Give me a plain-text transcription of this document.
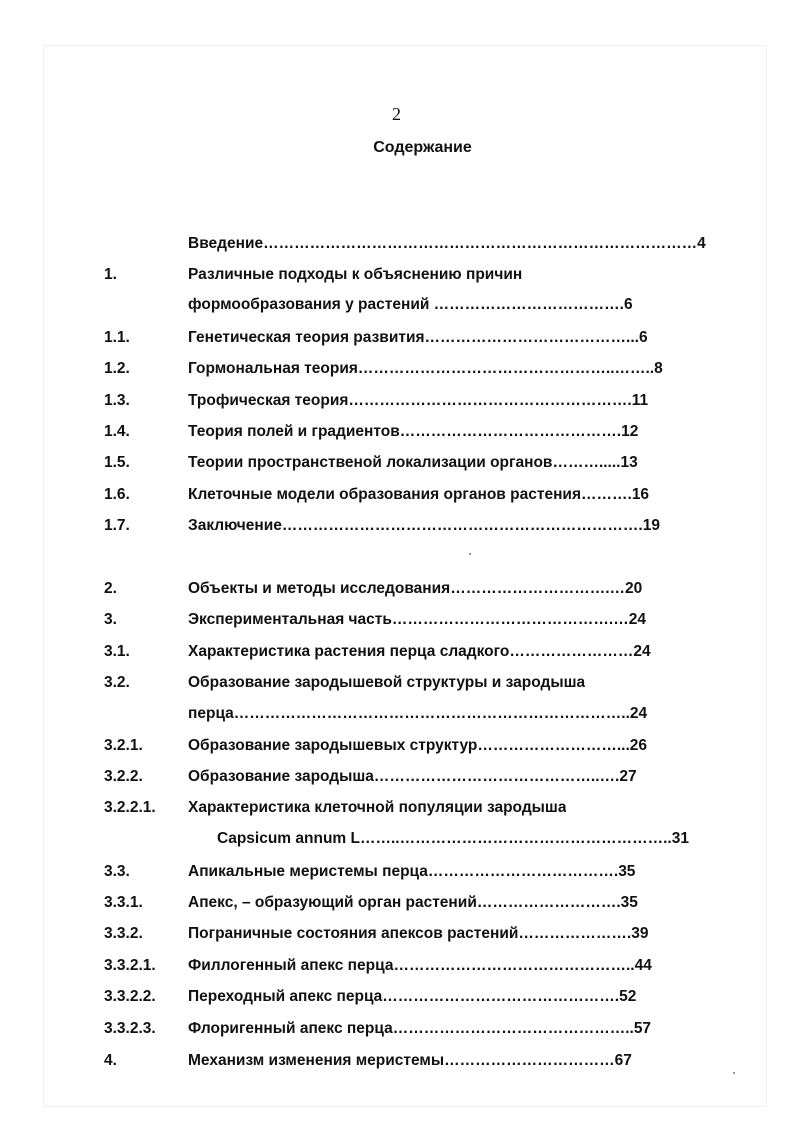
2
Содержание
Введение…………………………………………………………………………4
1.	Различные подходы к объяснению причин
формообразования у растений ……………………………….6
1.1.	Генетическая теория развития…………………………………...6
1.2.	Гормональная теория…………………………………………..……..8
1.3.	Трофическая теория……………………………………………….11
1.4.	Теория полей и градиентов…………………………………….12
1.5.	Теории пространственой локализации органов……….....13
1.6.	Клеточные модели образования органов растения……….16
1.7.	Заключение…………………………………………………………….19
2.	Объекты и методы исследования………………………….…20
3.	Экспериментальная часть…………………………………….…24
3.1.	Характеристика растения перца сладкого……………………24
3.2.	Образование зародышевой структуры и зародыша
перца…………………………………………………………………..24
3.2.1.	Образование зародышевых структур………………………...26
3.2.2.	Образование зародыша……………………………………..….27
3.2.2.1. Характеристика клеточной популяции зародыша
Capsicum annum L……..……………………………………………..31
3.3.	Апикальные меристемы перца……………………………….35
3.3.1.	Апекс, – образующий орган растений……………………….35
3.3.2.	Пограничные состояния апексов растений………………….39
3.3.2.1. Филлогенный апекс перца………………………………………..44
3.3.2.2. Переходный апекс перца……………………………………….52
3.3.2.3. Флоригенный апекс перца………………………………………..57
4.	Механизм изменения меристемы……………………………67
